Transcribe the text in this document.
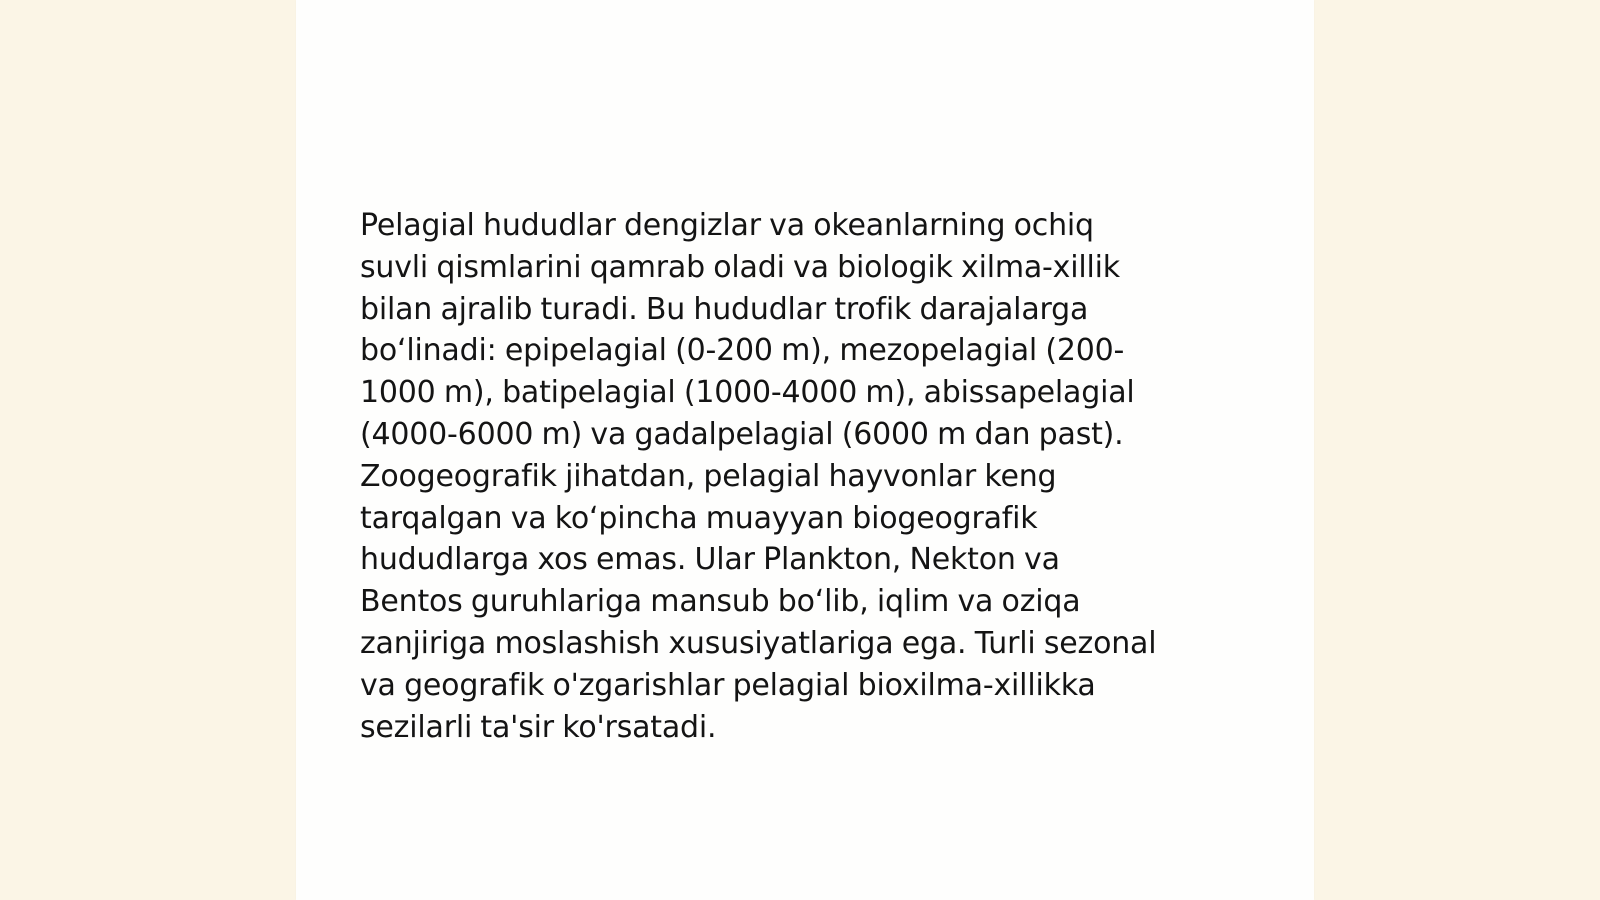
Pelagial hududlar dengizlar va okeanlarning ochiq
suvli qismlarini qamrab oladi va biologik xilma-xillik
bilan ajralib turadi. Bu hududlar trofik darajalarga
bo‘linadi: epipelagial (0-200 m), mezopelagial (200-
1000 m), batipelagial (1000-4000 m), abissapelagial
(4000-6000 m) va gadalpelagial (6000 m dan past).
Zoogeografik jihatdan, pelagial hayvonlar keng
tarqalgan va ko‘pincha muayyan biogeografik
hududlarga xos emas. Ular Plankton, Nekton va
Bentos guruhlariga mansub bo‘lib, iqlim va oziqa
zanjiriga moslashish xususiyatlariga ega. Turli sezonal
va geografik o'zgarishlar pelagial bioxilma-xillikka
sezilarli ta'sir ko'rsatadi.
